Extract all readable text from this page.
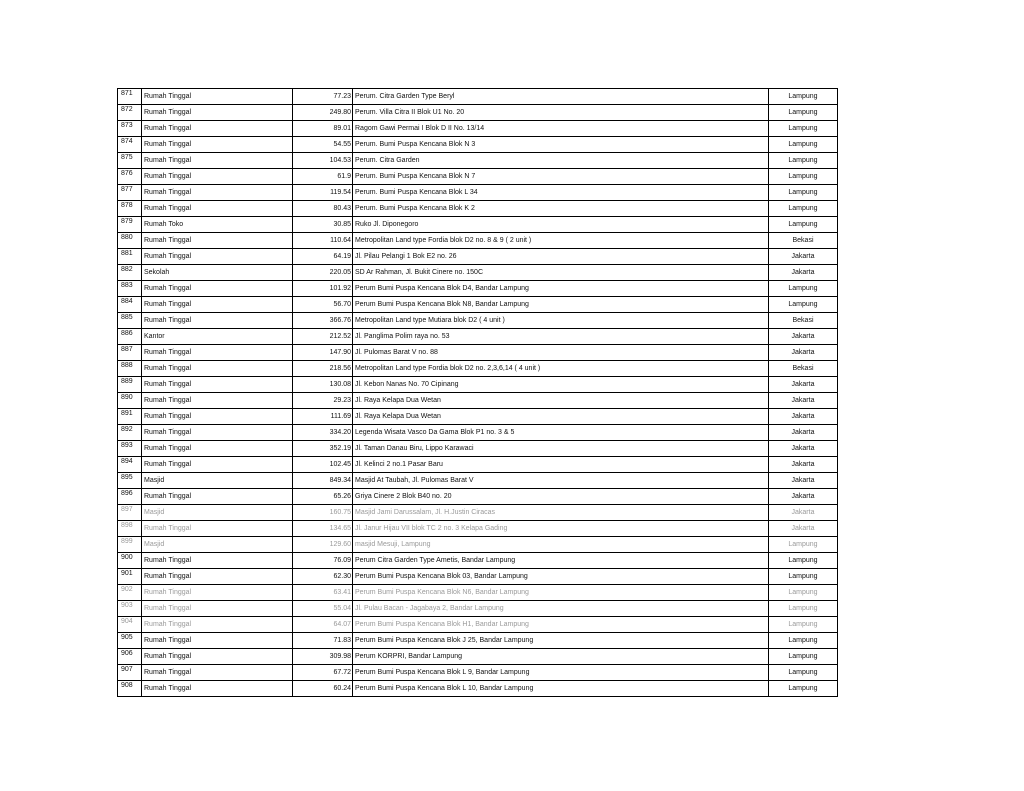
871	Rumah Tinggal	77.23	Perum. Citra Garden Type Beryl	Lampung
872	Rumah Tinggal	249.80	Perum. Villa Citra II Blok U1 No. 20	Lampung
873	Rumah Tinggal	89.01	Ragom Gawi Permai I Blok D II No. 13/14	Lampung
874	Rumah Tinggal	54.55	Perum. Bumi Puspa Kencana Blok N 3	Lampung
875	Rumah Tinggal	104.53	Perum. Citra Garden	Lampung
876	Rumah Tinggal	61.9	Perum. Bumi Puspa Kencana Blok N 7	Lampung
877	Rumah Tinggal	119.54	Perum. Bumi Puspa Kencana Blok L 34	Lampung
878	Rumah Tinggal	80.43	Perum. Bumi Puspa Kencana Blok K 2	Lampung
879	Rumah Toko	30.85	Ruko Jl. Diponegoro	Lampung
880	Rumah Tinggal	110.64	Metropolitan Land type Fordia blok D2 no. 8 & 9 ( 2 unit )	Bekasi
881	Rumah Tinggal	64.19	Jl. Pilau Pelangi 1 Bok E2 no. 26	Jakarta
882	Sekolah	220.05	SD Ar Rahman, Jl. Bukit Cinere no. 150C	Jakarta
883	Rumah Tinggal	101.92	Perum Bumi Puspa Kencana Blok D4, Bandar Lampung	Lampung
884	Rumah Tinggal	56.70	Perum Bumi Puspa Kencana Blok N8, Bandar Lampung	Lampung
885	Rumah Tinggal	366.76	Metropolitan Land type Mutiara blok D2 ( 4 unit )	Bekasi
886	Kantor	212.52	Jl. Panglima Polim raya no. 53	Jakarta
887	Rumah Tinggal	147.90	Jl. Pulomas Barat V no. 88	Jakarta
888	Rumah Tinggal	218.56	Metropolitan Land type Fordia blok D2 no. 2,3,6,14 ( 4 unit )	Bekasi
889	Rumah Tinggal	130.08	Jl. Kebon Nanas No. 70 Cipinang	Jakarta
890	Rumah Tinggal	29.23	Jl. Raya Kelapa Dua Wetan	Jakarta
891	Rumah Tinggal	111.69	Jl. Raya Kelapa Dua Wetan	Jakarta
892	Rumah Tinggal	334.20	Legenda Wisata Vasco Da Gama Blok P1 no. 3 & 5	Jakarta
893	Rumah Tinggal	352.19	Jl. Taman Danau Biru, Lippo Karawaci	Jakarta
894	Rumah Tinggal	102.45	Jl. Kelinci 2 no.1 Pasar Baru	Jakarta
895	Masjid	849.34	Masjid At Taubah, Jl. Pulomas Barat V	Jakarta
896	Rumah Tinggal	65.26	Griya Cinere 2 Blok B40 no. 20	Jakarta
897	Masjid	160.75	Masjid Jami Darussalam, Jl. H.Justin Ciracas	Jakarta
898	Rumah Tinggal	134.65	Jl. Janur Hijau VII blok TC 2 no. 3 Kelapa Gading	Jakarta
899	Masjid	129.60	masjid Mesuji, Lampung	Lampung
900	Rumah Tinggal	76.09	Perum Citra Garden Type Ametis, Bandar Lampung	Lampung
901	Rumah Tinggal	62.30	Perum Bumi Puspa Kencana Blok 03, Bandar Lampung	Lampung
902	Rumah Tinggal	63.41	Perum Bumi Puspa Kencana Blok N6, Bandar Lampung	Lampung
903	Rumah Tinggal	55.04	Jl. Pulau Bacan - Jagabaya 2, Bandar Lampung	Lampung
904	Rumah Tinggal	64.07	Perum Bumi Puspa Kencana Blok H1, Bandar Lampung	Lampung
905	Rumah Tinggal	71.83	Perum Bumi Puspa Kencana Blok J 25, Bandar Lampung	Lampung
906	Rumah Tinggal	309.98	Perum KORPRI, Bandar Lampung	Lampung
907	Rumah Tinggal	67.72	Perum Bumi Puspa Kencana Blok L 9, Bandar Lampung	Lampung
908	Rumah Tinggal	60.24	Perum Bumi Puspa Kencana Blok L 10, Bandar Lampung	Lampung
